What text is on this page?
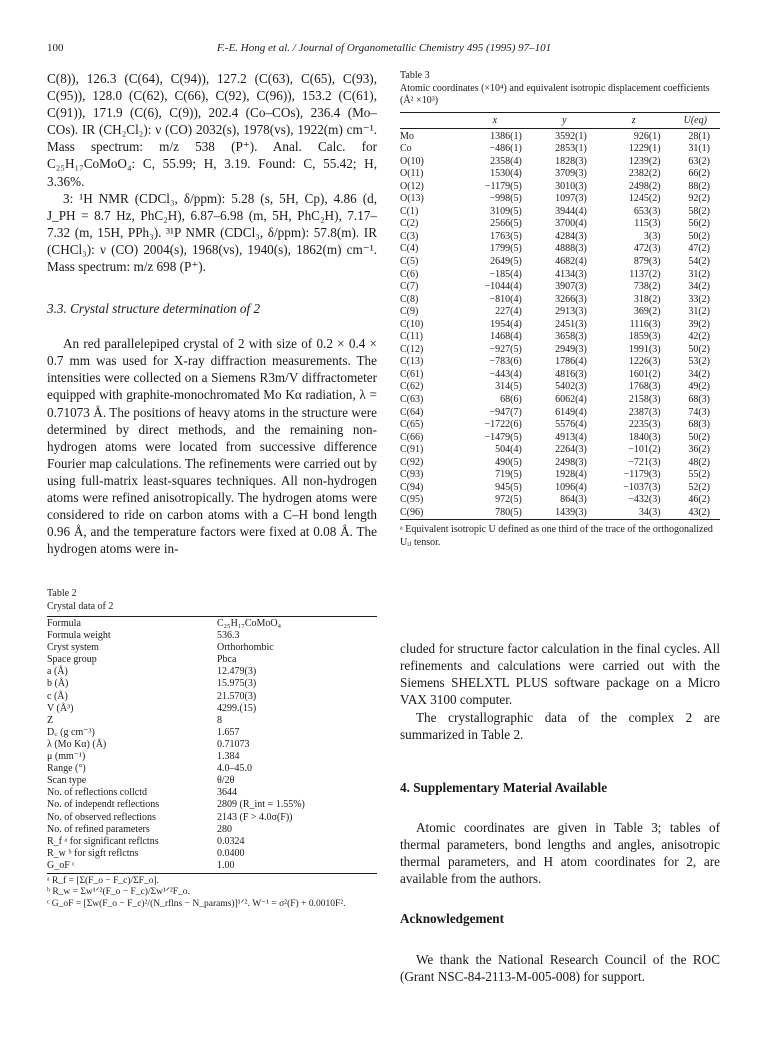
100	F.-E. Hong et al. / Journal of Organometallic Chemistry 495 (1995) 97–101

C(8)), 126.3 (C(64), C(94)), 127.2 (C(63), C(65), C(93), C(95)), 128.0 (C(62), C(66), C(92), C(96)), 153.2 (C(61), C(91)), 171.9 (C(6), C(9)), 202.4 (Co–COs), 236.4 (Mo–COs). IR (CH₂Cl₂): ν (CO) 2032(s), 1978(vs), 1922(m) cm⁻¹. Mass spectrum: m/z 538 (P⁺). Anal. Calc. for C₂₅H₁₇CoMoO₄: C, 55.99; H, 3.19. Found: C, 55.42; H, 3.36%.

3: ¹H NMR (CDCl₃, δ/ppm): 5.28 (s, 5H, Cp), 4.86 (d, J_PH = 8.7 Hz, PhC₂H), 6.87–6.98 (m, 5H, PhC₂H), 7.17–7.32 (m, 15H, PPh₃). ³¹P NMR (CDCl₃, δ/ppm): 57.8(m). IR (CHCl₃): ν (CO) 2004(s), 1968(vs), 1940(s), 1862(m) cm⁻¹. Mass spectrum: m/z 698 (P⁺).

3.3. Crystal structure determination of 2

An red parallelepiped crystal of 2 with size of 0.2 × 0.4 × 0.7 mm was used for X-ray diffraction measurements. The intensities were collected on a Siemens R3m/V diffractometer equipped with graphite-monochromated Mo Kα radiation, λ = 0.71073 Å. The positions of heavy atoms in the structure were determined by direct methods, and the remaining non-hydrogen atoms were located from successive difference Fourier map calculations. The refinements were carried out by using full-matrix least-squares techniques. All non-hydrogen atoms were refined anisotropically. The hydrogen atoms were considered to ride on carbon atoms with a C–H bond length 0.96 Å, and the temperature factors were fixed at 0.08 Å. The hydrogen atoms were in-

Table 2
Crystal data of 2
Formula	C₂₅H₁₇CoMoO₄
Formula weight	536.3
Cryst system	Orthorhombic
Space group	Pbca
a (Å)	12.479(3)
b (Å)	15.975(3)
c (Å)	21.570(3)
V (Å³)	4299.(15)
Z	8
D꜀ (g cm⁻³)	1.657
λ (Mo Kα) (Å)	0.71073
μ (mm⁻¹)	1.384
Range (°)	4.0–45.0
Scan type	θ/2θ
No. of reflections collctd	3644
No. of independt reflections	2809 (R_int = 1.55%)
No. of observed reflections	2143 (F > 4.0σ(F))
No. of refined parameters	280
R_f ᵃ for significant reflctns	0.0324
R_w ᵇ for sigft reflctns	0.0400
G_oF ᶜ	1.00
ᵃ R_f = [Σ(F_o − F_c)/ΣF_o].
ᵇ R_w = Σw¹ᐟ²(F_o − F_c)/Σw¹ᐟ²F_o.
ᶜ G_oF = [Σw(F_o − F_c)²/(N_rflns − N_params)]¹ᐟ². W⁻¹ = σ²(F) + 0.0010F².
Table 3
Atomic coordinates (×10⁴) and equivalent isotropic displacement coefficients (Å² ×10³)
	x	y	z	U(eq)
Mo	1386(1)	3592(1)	926(1)	28(1)
Co	−486(1)	2853(1)	1229(1)	31(1)
O(10)	2358(4)	1828(3)	1239(2)	63(2)
O(11)	1530(4)	3709(3)	2382(2)	66(2)
O(12)	−1179(5)	3010(3)	2498(2)	88(2)
O(13)	−998(5)	1097(3)	1245(2)	92(2)
C(1)	3109(5)	3944(4)	653(3)	58(2)
C(2)	2566(5)	3700(4)	115(3)	56(2)
C(3)	1763(5)	4284(3)	3(3)	50(2)
C(4)	1799(5)	4888(3)	472(3)	47(2)
C(5)	2649(5)	4682(4)	879(3)	54(2)
C(6)	−185(4)	4134(3)	1137(2)	31(2)
C(7)	−1044(4)	3907(3)	738(2)	34(2)
C(8)	−810(4)	3266(3)	318(2)	33(2)
C(9)	227(4)	2913(3)	369(2)	31(2)
C(10)	1954(4)	2451(3)	1116(3)	39(2)
C(11)	1468(4)	3658(3)	1859(3)	42(2)
C(12)	−927(5)	2949(3)	1991(3)	50(2)
C(13)	−783(6)	1786(4)	1226(3)	53(2)
C(61)	−443(4)	4816(3)	1601(2)	34(2)
C(62)	314(5)	5402(3)	1768(3)	49(2)
C(63)	68(6)	6062(4)	2158(3)	68(3)
C(64)	−947(7)	6149(4)	2387(3)	74(3)
C(65)	−1722(6)	5576(4)	2235(3)	68(3)
C(66)	−1479(5)	4913(4)	1840(3)	50(2)
C(91)	504(4)	2264(3)	−101(2)	36(2)
C(92)	490(5)	2498(3)	−721(3)	48(2)
C(93)	719(5)	1928(4)	−1179(3)	55(2)
C(94)	945(5)	1096(4)	−1037(3)	52(2)
C(95)	972(5)	864(3)	−432(3)	46(2)
C(96)	780(5)	1439(3)	34(3)	43(2)
ᵃ Equivalent isotropic U defined as one third of the trace of the orthogonalized Uᵢⱼ tensor.

cluded for structure factor calculation in the final cycles. All refinements and calculations were carried out with the Siemens SHELXTL PLUS software package on a Micro VAX 3100 computer.

The crystallographic data of the complex 2 are summarized in Table 2.

4. Supplementary Material Available

Atomic coordinates are given in Table 3; tables of thermal parameters, bond lengths and angles, anisotropic thermal parameters, and H atom coordinates for 2, are available from the authors.

Acknowledgement

We thank the National Research Council of the ROC (Grant NSC-84-2113-M-005-008) for support.
